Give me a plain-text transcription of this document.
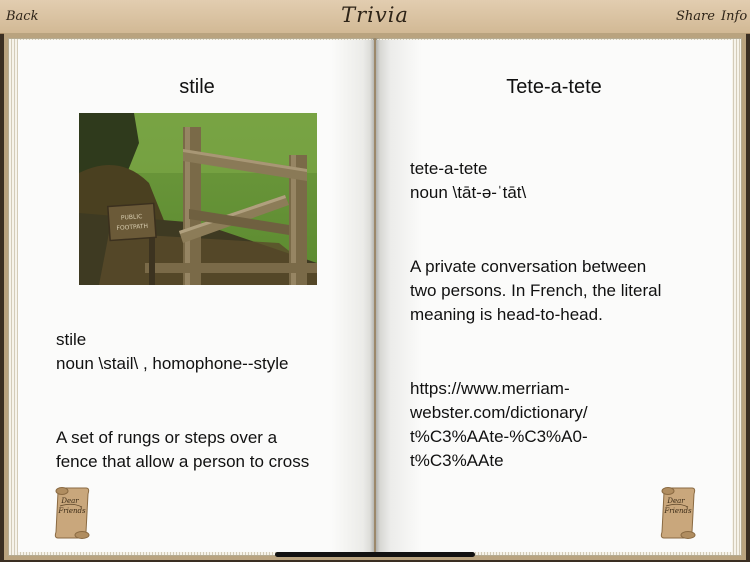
Back	Trivia	Share Info
stile
PUBLIC
FOOTPATH
stile
noun \stail\ , homophone--style
A set of rungs or steps over a
fence that allow a person to cross
Tete-a-tete
tete-a-tete
noun \tāt-ə-ˈtāt\
A private conversation between
two persons. In French, the literal
meaning is head-to-head.
https://www.merriam-
webster.com/dictionary/
t%C3%AAte-%C3%A0-
t%C3%AAte
Dear
Friends
Dear
Friends
